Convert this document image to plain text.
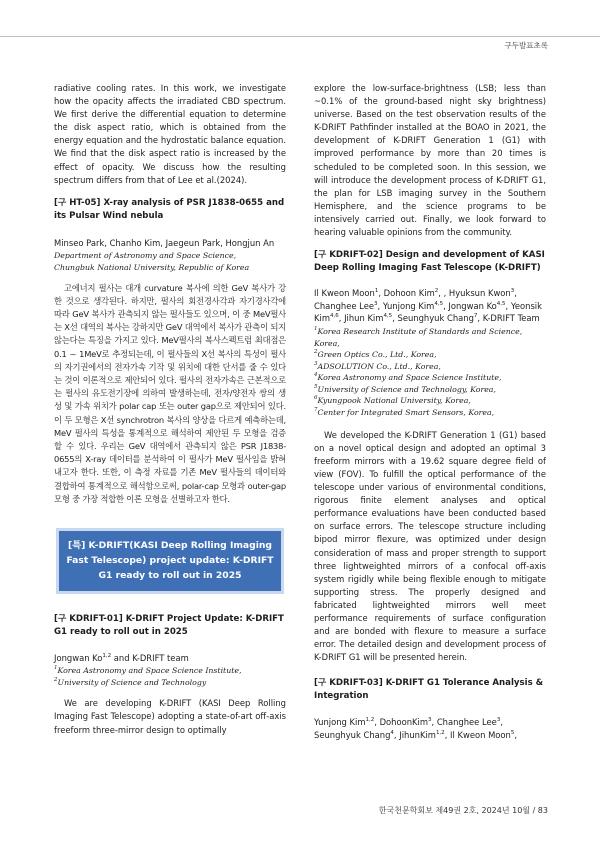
구두발표초록

radiative cooling rates. In this work, we investigate how the opacity affects the irradiated CBD spectrum. We first derive the differential equation to determine the disk aspect ratio, which is obtained from the energy equation and the hydrostatic balance equation. We find that the disk aspect ratio is increased by the effect of opacity. We discuss how the resulting spectrum differs from that of Lee et al.(2024).

[구 HT-05] X-ray analysis of PSR J1838-0655 and its Pulsar Wind nebula
Minseo Park, Chanho Kim, Jaegeun Park, Hongjun An
Department of Astronomy and Space Science,
Chungbuk National University, Republic of Korea

고에너지 펄사는 대개 curvature 복사에 의한 GeV 복사가 강한 것으로 생각된다. 하지만, 펄사의 회전경사각과 자기경사각에 따라 GeV 복사가 관측되지 않는 펄사들도 있으며, 이 중 MeV펄사는 X선 대역의 복사는 강하지만 GeV 대역에서 복사가 관측이 되지 않는다는 특징을 가지고 있다. MeV펄사의 복사스펙트럼 최대점은 0.1 ~ 1MeV로 추정되는데, 이 펄사들의 X선 복사의 특성이 펄사의 자기권에서의 전자가속 기작 및 위치에 대한 단서를 줄 수 있다는 것이 이론적으로 제안되어 있다. 펄사의 전자가속은 근본적으로는 펄사의 유도전기장에 의하여 발생하는데, 전자/양전자 쌍의 생성 및 가속 위치가 polar cap 또는 outer gap으로 제안되어 있다. 이 두 모형은 X선 synchrotron 복사의 양상을 다르게 예측하는데, MeV 펄사의 특성을 통계적으로 해석하여 제안된 두 모형을 검증할 수 있다. 우리는 GeV 대역에서 관측되지 않은 PSR J1838-0655의 X-ray 데이터를 분석하여 이 펄사가 MeV 펄사임을 밝혀내고자 한다. 또한, 이 측정 자료를 기존 MeV 펄사들의 데이터와 결합하여 통계적으로 해석함으로써, polar-cap 모형과 outer-gap 모형 중 가장 적합한 이론 모형을 선별하고자 한다.

[특] K-DRIFT(KASI Deep Rolling Imaging Fast Telescope) project update: K-DRIFT G1 ready to roll out in 2025
[구 KDRIFT-01] K-DRIFT Project Update: K-DRIFT G1 ready to roll out in 2025
Jongwan Ko$^{1,2}$ and K-DRIFT team
$^1$Korea Astronomy and Space Science Institute,
$^2$University of Science and Technology

We are developing K-DRIFT (KASI Deep Rolling Imaging Fast Telescope) adopting a state-of-art off-axis freeform three-mirror design to optimally

explore the low-surface-brightness (LSB; less than ~0.1% of the ground-based night sky brightness) universe. Based on the test observation results of the K-DRIFT Pathfinder installed at the BOAO in 2021, the development of K-DRIFT Generation 1 (G1) with improved performance by more than 20 times is scheduled to be completed soon. In this session, we will introduce the development process of K-DRIFT G1, the plan for LSB imaging survey in the Southern Hemisphere, and the science programs to be intensively carried out. Finally, we look forward to hearing valuable opinions from the community.

[구 KDRIFT-02] Design and development of KASI Deep Rolling Imaging Fast Telescope (K-DRIFT)
Il Kweon Moon$^1$, Dohoon Kim$^2$, , Hyuksun Kwon$^3$, Changhee Lee$^3$, Yunjong Kim$^{4,5}$, Jongwan Ko$^{4,5}$, Yeonsik Kim$^{4,6}$, Jihun Kim$^{4,5}$, Seunghyuk Chang$^7$, K-DRIFT Team
$^1$Korea Research Institute of Standards and Science, Korea,
$^2$Green Optics Co., Ltd., Korea,
$^3$ADSOLUTION Co., Ltd., Korea,
$^4$Korea Astronomy and Space Science Institute,
$^5$University of Science and Technology, Korea,
$^6$Kyungpook National University, Korea,
$^7$Center for Integrated Smart Sensors, Korea,

We developed the K-DRIFT Generation 1 (G1) based on a novel optical design and adopted an optimal 3 freeform mirrors with a 19.62 square degree field of view (FOV). To fulfill the optical performance of the telescope under various of environmental conditions, rigorous finite element analyses and optical performance evaluations have been conducted based on surface errors. The telescope structure including bipod mirror flexure, was optimized under design consideration of mass and proper strength to support three lightweighted mirrors of a confocal off-axis system rigidly while being flexible enough to mitigate supporting stress. The properly designed and fabricated lightweighted mirrors well meet performance requirements of surface configuration and are bonded with flexure to measure a surface error. The detailed design and development process of K-DRIFT G1 will be presented herein.

[구 KDRIFT-03] K-DRIFT G1 Tolerance Analysis & Integration
Yunjong Kim$^{1,2}$, DohoonKim$^3$, Changhee Lee$^3$, Seunghyuk Chang$^4$, JihunKim$^{1,2}$, Il Kweon Moon$^5$,
한국천문학회보 제49권 2호, 2024년 10월 / 83
